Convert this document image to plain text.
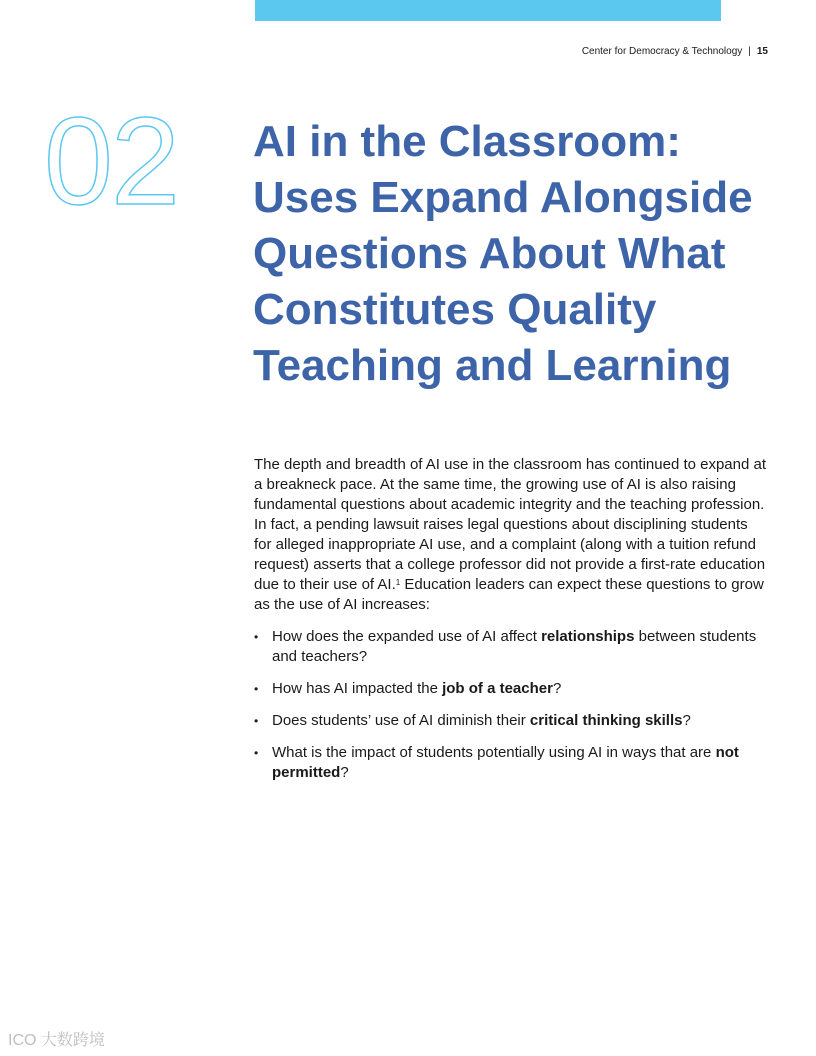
Center for Democracy & Technology | 15
02 AI in the Classroom:
Uses Expand Alongside
Questions About What
Constitutes Quality
Teaching and Learning

The depth and breadth of AI use in the classroom has continued to expand at a breakneck pace. At the same time, the growing use of AI is also raising fundamental questions about academic integrity and the teaching profession. In fact, a pending lawsuit raises legal questions about disciplining students for alleged inappropriate AI use, and a complaint (along with a tuition refund request) asserts that a college professor did not provide a first-rate education due to their use of AI.$^1$ Education leaders can expect these questions to grow as the use of AI increases:

• How does the expanded use of AI affect relationships between students and teachers?
• How has AI impacted the job of a teacher?
• Does students’ use of AI diminish their critical thinking skills?
• What is the impact of students potentially using AI in ways that are not permitted?
ICO 大数跨境
